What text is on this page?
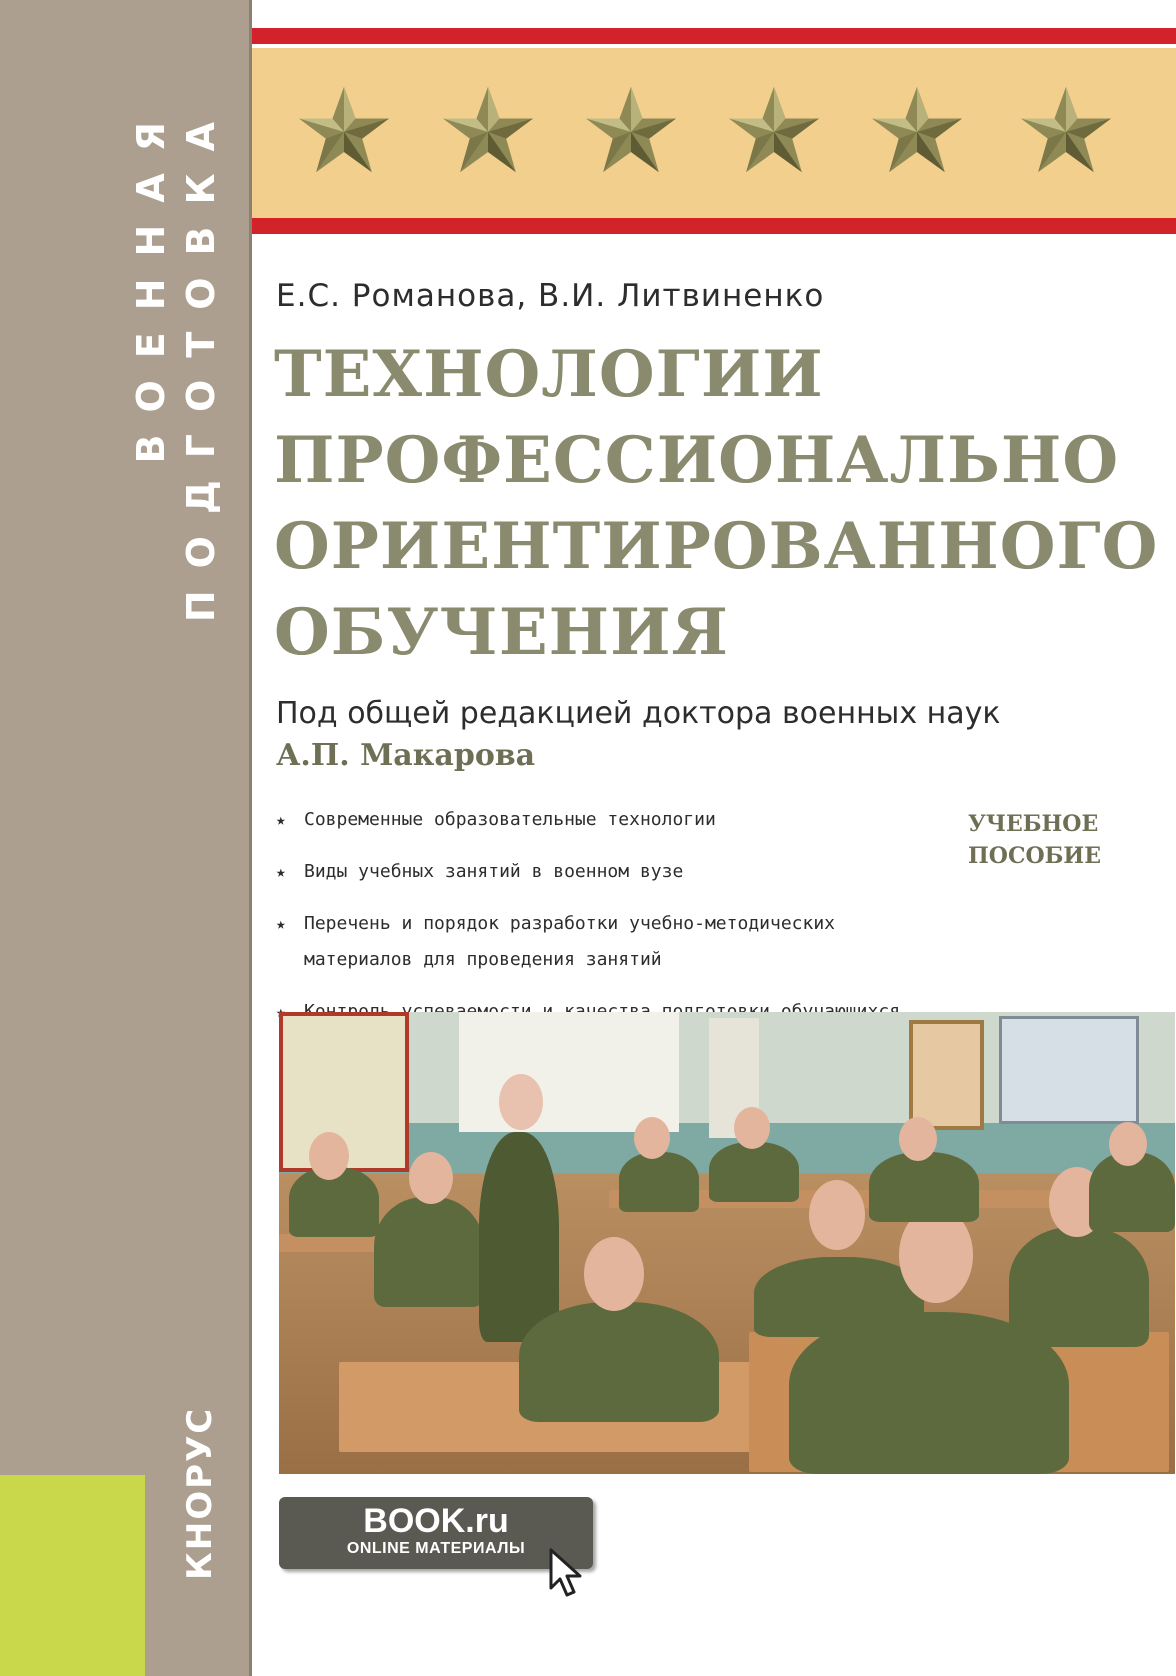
ВОЕННАЯ ПОДГОТОВКА
КНОРУС
Е.С. Романова, В.И. Литвиненко
ТЕХНОЛОГИИ
ПРОФЕССИОНАЛЬНО
ОРИЕНТИРОВАННОГО
ОБУЧЕНИЯ
Под общей редакцией доктора военных наук
А.П. Макарова
★ Современные образовательные технологии
★ Виды учебных занятий в военном вузе
★ Перечень и порядок разработки учебно-методических материалов для проведения занятий
★
УЧЕБНОЕ
ПОСОБИЕ
BOOK.ru
ONLINE МАТЕРИАЛЫ
